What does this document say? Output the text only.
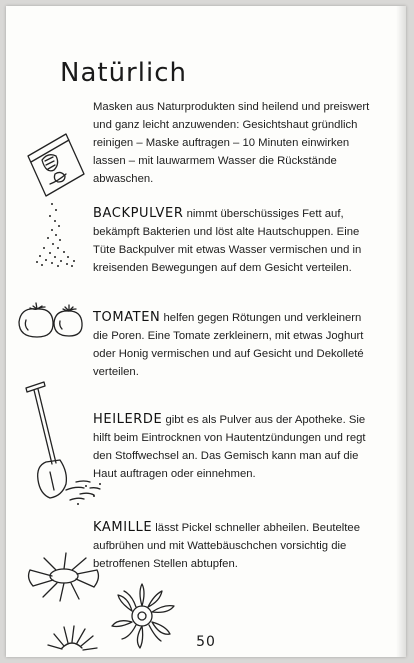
Natürlich
Masken aus Naturprodukten sind heilend und preiswert und ganz leicht anzuwenden: Gesichtshaut gründlich reinigen – Maske auftragen – 10 Minuten einwirken lassen – mit lauwarmem Wasser die Rückstände abwaschen.
BACKPULVER nimmt überschüssiges Fett auf, bekämpft Bakterien und löst alte Hautschuppen. Eine Tüte Backpulver mit etwas Wasser vermischen und in kreisenden Bewegungen auf dem Gesicht verteilen.
TOMATEN helfen gegen Rötungen und verkleinern die Poren. Eine Tomate zerkleinern, mit etwas Joghurt oder Honig vermischen und auf Gesicht und Dekolleté verteilen.
HEILERDE gibt es als Pulver aus der Apotheke. Sie hilft beim Eintrocknen von Hautentzündungen und regt den Stoffwechsel an. Das Gemisch kann man auf die Haut auftragen oder einnehmen.
KAMILLE lässt Pickel schneller abheilen. Beuteltee aufbrühen und mit Wattebäuschchen vorsichtig die betroffenen Stellen abtupfen.
50
